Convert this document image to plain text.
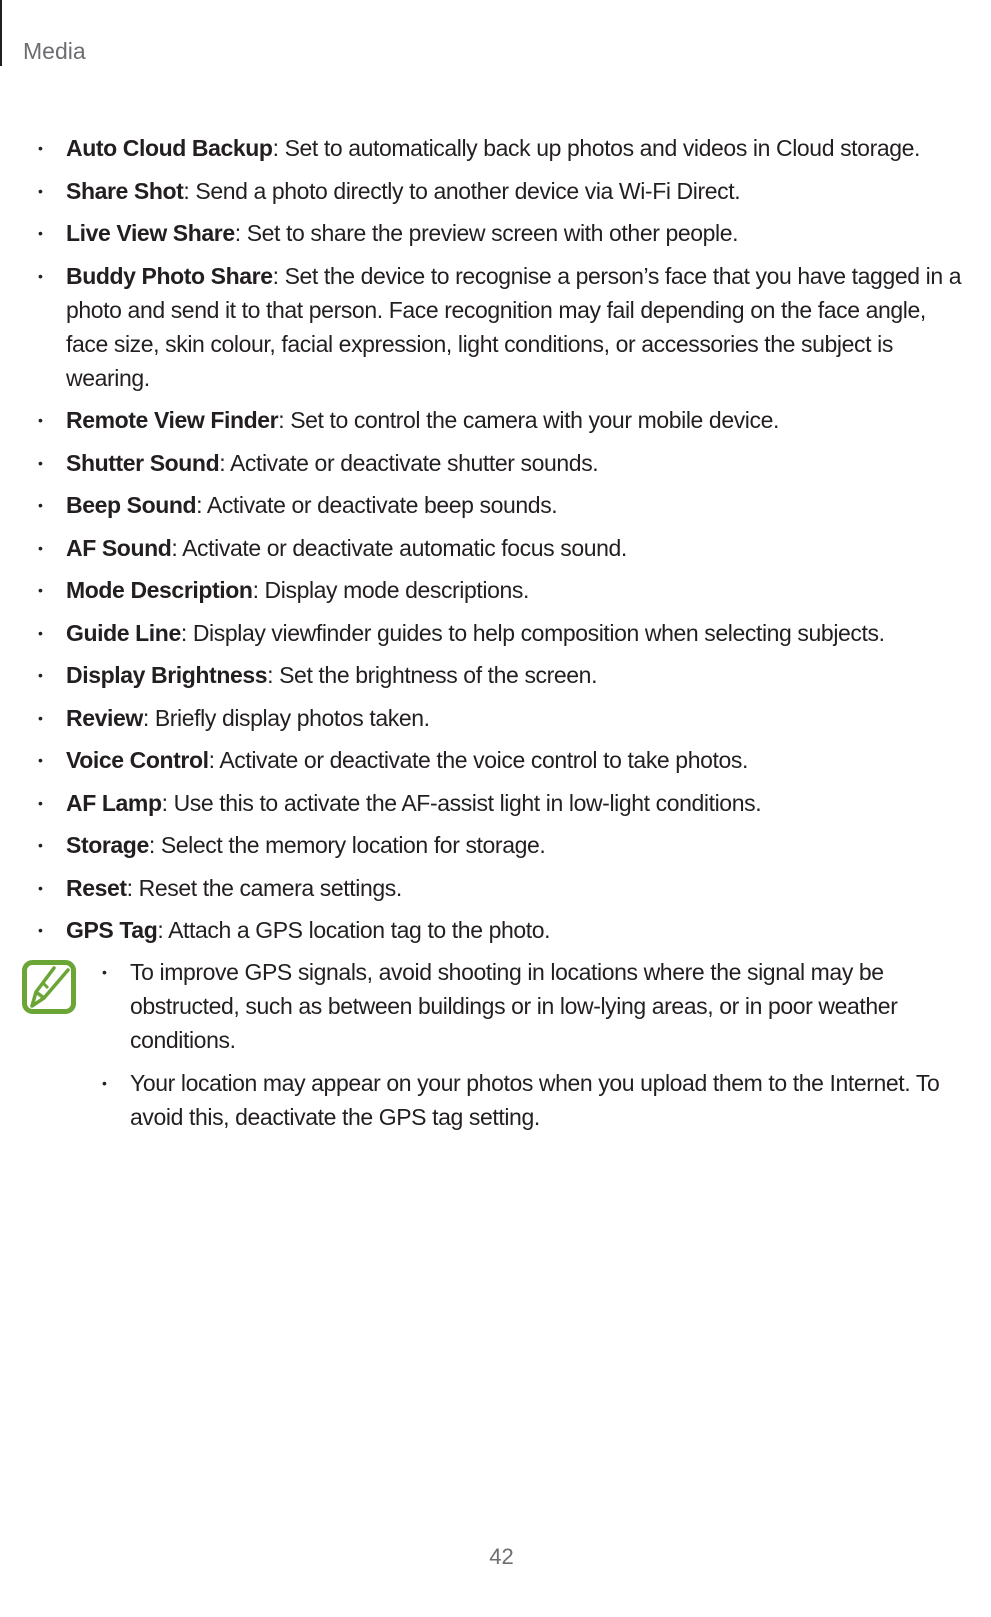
Media
• Auto Cloud Backup: Set to automatically back up photos and videos in Cloud storage.
• Share Shot: Send a photo directly to another device via Wi-Fi Direct.
• Live View Share: Set to share the preview screen with other people.
• Buddy Photo Share: Set the device to recognise a person’s face that you have tagged in a photo and send it to that person. Face recognition may fail depending on the face angle, face size, skin colour, facial expression, light conditions, or accessories the subject is wearing.
• Remote View Finder: Set to control the camera with your mobile device.
• Shutter Sound: Activate or deactivate shutter sounds.
• Beep Sound: Activate or deactivate beep sounds.
• AF Sound: Activate or deactivate automatic focus sound.
• Mode Description: Display mode descriptions.
• Guide Line: Display viewfinder guides to help composition when selecting subjects.
• Display Brightness: Set the brightness of the screen.
• Review: Briefly display photos taken.
• Voice Control: Activate or deactivate the voice control to take photos.
• AF Lamp: Use this to activate the AF-assist light in low-light conditions.
• Storage: Select the memory location for storage.
• Reset: Reset the camera settings.
• GPS Tag: Attach a GPS location tag to the photo.
• To improve GPS signals, avoid shooting in locations where the signal may be obstructed, such as between buildings or in low-lying areas, or in poor weather conditions.
• Your location may appear on your photos when you upload them to the Internet. To avoid this, deactivate the GPS tag setting.
42
